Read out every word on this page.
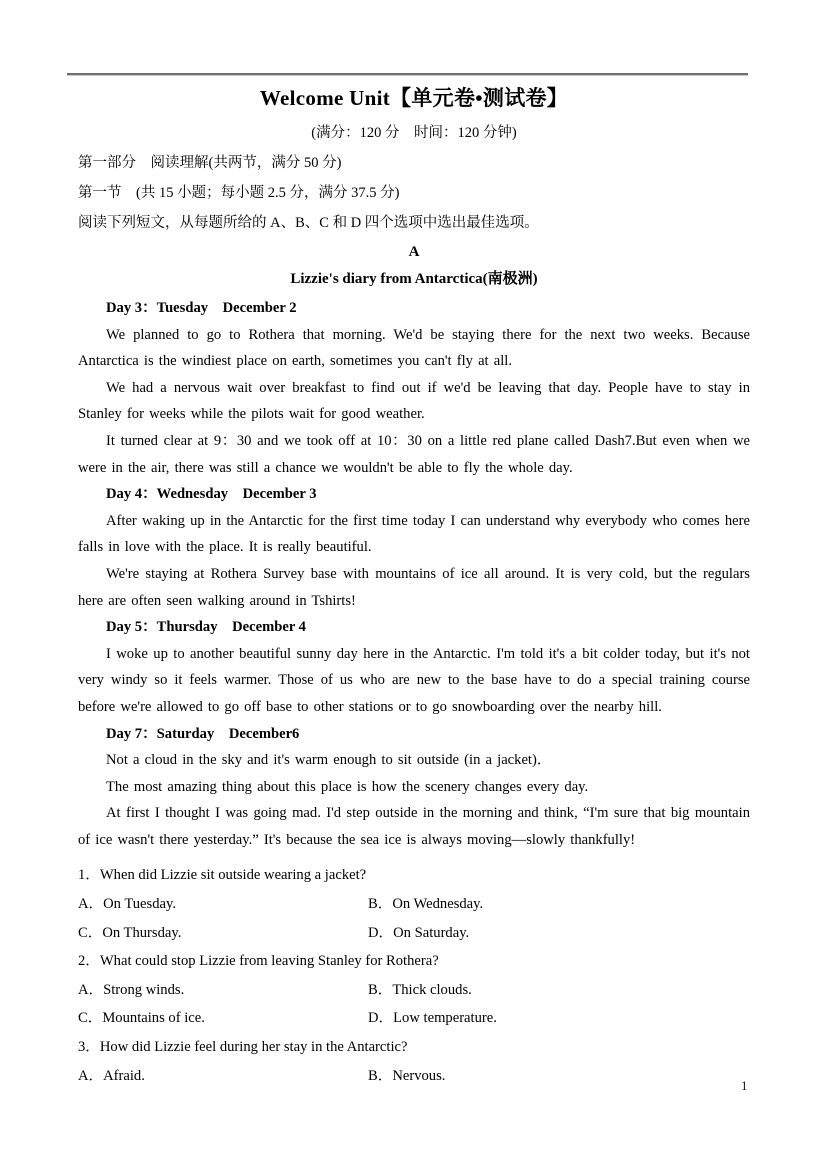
Welcome Unit【单元卷•测试卷】
(满分：120 分　时间：120 分钟)
第一部分　阅读理解(共两节，满分 50 分)
第一节　(共 15 小题；每小题 2.5 分，满分 37.5 分)
阅读下列短文，从每题所给的 A、B、C 和 D 四个选项中选出最佳选项。
A
Lizzie's diary from Antarctica(南极洲)
Day 3：Tuesday　December 2

We planned to go to Rothera that morning. We'd be staying there for the next two weeks. Because Antarctica is the windiest place on earth, sometimes you can't fly at all.

We had a nervous wait over breakfast to find out if we'd be leaving that day. People have to stay in Stanley for weeks while the pilots wait for good weather.

It turned clear at 9：30 and we took off at 10：30 on a little red plane called Dash7.But even when we were in the air, there was still a chance we wouldn't be able to fly the whole day.

Day 4：Wednesday　December 3

After waking up in the Antarctic for the first time today I can understand why everybody who comes here falls in love with the place. It is really beautiful.

We're staying at Rothera Survey base with mountains of ice all around. It is very cold, but the regulars here are often seen walking around in Tshirts!

Day 5：Thursday　December 4

I woke up to another beautiful sunny day here in the Antarctic. I'm told it's a bit colder today, but it's not very windy so it feels warmer. Those of us who are new to the base have to do a special training course before we're allowed to go off base to other stations or to go snowboarding over the nearby hill.

Day 7：Saturday　December6

Not a cloud in the sky and it's warm enough to sit outside (in a jacket)．

The most amazing thing about this place is how the scenery changes every day.

At first I thought I was going mad. I'd step outside in the morning and think, “I'm sure that big mountain of ice wasn't there yesterday.” It's because the sea ice is always moving—slowly thankfully!

1．When did Lizzie sit outside wearing a jacket?
A．On Tuesday.	B．On Wednesday.
C．On Thursday.	D．On Saturday.
2．What could stop Lizzie from leaving Stanley for Rothera?
A．Strong winds.	B．Thick clouds.
C．Mountains of ice.	D．Low temperature.
3．How did Lizzie feel during her stay in the Antarctic?
A．Afraid.	B．Nervous.
1
